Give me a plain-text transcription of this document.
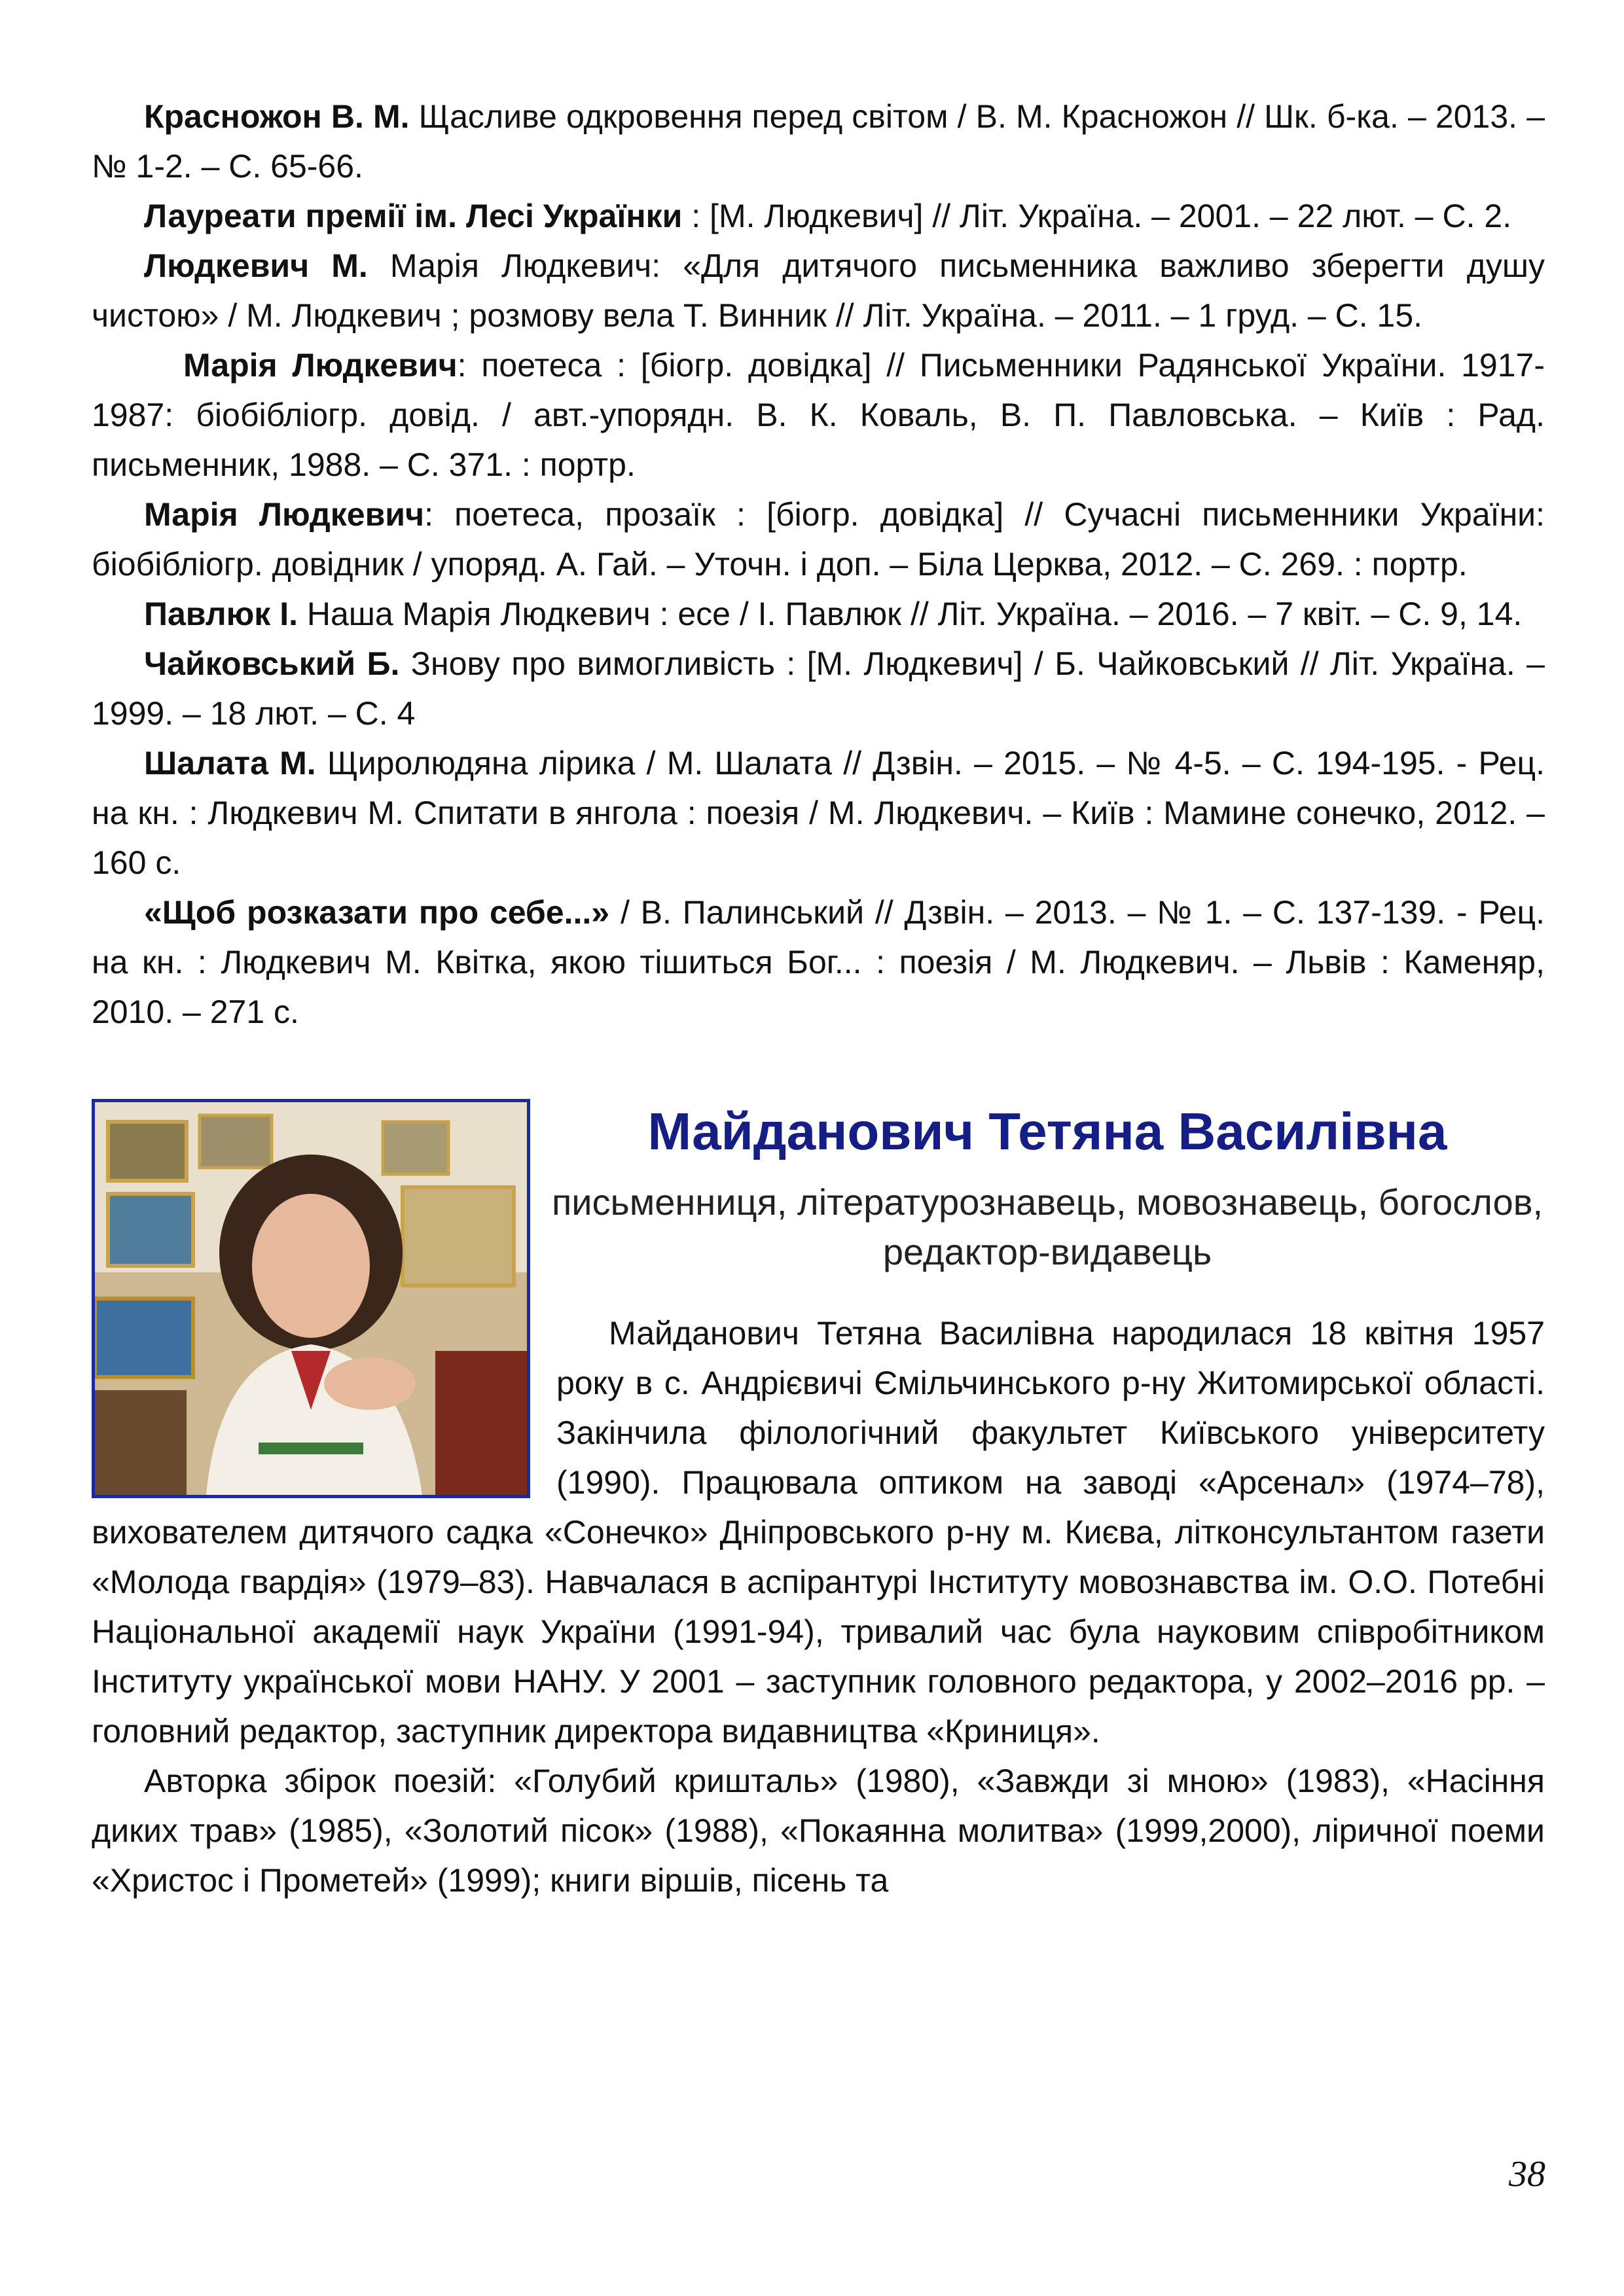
Красножон В. М. Щасливе одкровення перед світом / В. М. Красножон // Шк. б-ка. – 2013. – № 1-2. – С. 65-66.

Лауреати премії ім. Лесі Українки : [М. Людкевич] // Літ. Україна. – 2001. – 22 лют. – С. 2.

Людкевич М. Марія Людкевич: «Для дитячого письменника важливо зберегти душу чистою» / М. Людкевич ; розмову вела Т. Винник // Літ. Україна. – 2011. – 1 груд. – С. 15.

Марія Людкевич: поетеса : [біогр. довідка] // Письменники Радянської України. 1917-1987: біобібліогр. довід. / авт.-упорядн. В. К. Коваль, В. П. Павловська. – Київ : Рад. письменник, 1988. – С. 371. : портр.

Марія Людкевич: поетеса, прозаїк : [біогр. довідка] // Сучасні письменники України: біобібліогр. довідник / упоряд. А. Гай. – Уточн. і доп. – Біла Церква, 2012. – С. 269. : портр.

Павлюк І. Наша Марія Людкевич : есе / І. Павлюк // Літ. Україна. – 2016. – 7 квіт. – С. 9, 14.

Чайковський Б. Знову про вимогливість : [М. Людкевич] / Б. Чайковський // Літ. Україна. – 1999. – 18 лют. – С. 4

Шалата М. Щиролюдяна лірика / М. Шалата // Дзвін. – 2015. – № 4-5. – С. 194-195. - Рец. на кн. : Людкевич М. Спитати в янгола : поезія / М. Людкевич. – Київ : Мамине сонечко, 2012. – 160 с.

«Щоб розказати про себе...» / В. Палинський // Дзвін. – 2013. – № 1. – С. 137-139. - Рец. на кн. : Людкевич М. Квітка, якою тішиться Бог... : поезія / М. Людкевич. – Львів : Каменяр, 2010. – 271 с.

Майданович Тетяна Василівна

письменниця, літературознавець, мовознавець, богослов, редактор-видавець

Майданович Тетяна Василівна народилася 18 квітня 1957 року в с. Андрієвичі Ємільчинського р-ну Житомирської області. Закінчила філологічний факультет Київського університету (1990). Працювала оптиком на заводі «Арсенал» (1974–78), вихователем дитячого садка «Сонечко» Дніпровського р-ну м. Києва, літконсультантом газети «Молода гвардія» (1979–83). Навчалася в аспірантурі Інституту мовознавства ім. О.О. Потебні Національної академії наук України (1991-94), тривалий час була науковим співробітником Інституту української мови НАНУ. У 2001 – заступник головного редактора, у 2002–2016 рр. – головний редактор, заступник директора видавництва «Криниця».

Авторка збірок поезій: «Голубий кришталь» (1980), «Завжди зі мною» (1983), «Насіння диких трав» (1985), «Золотий пісок» (1988), «Покаянна молитва» (1999,2000), ліричної поеми «Христос і Прометей» (1999); книги віршів, пісень та

38
